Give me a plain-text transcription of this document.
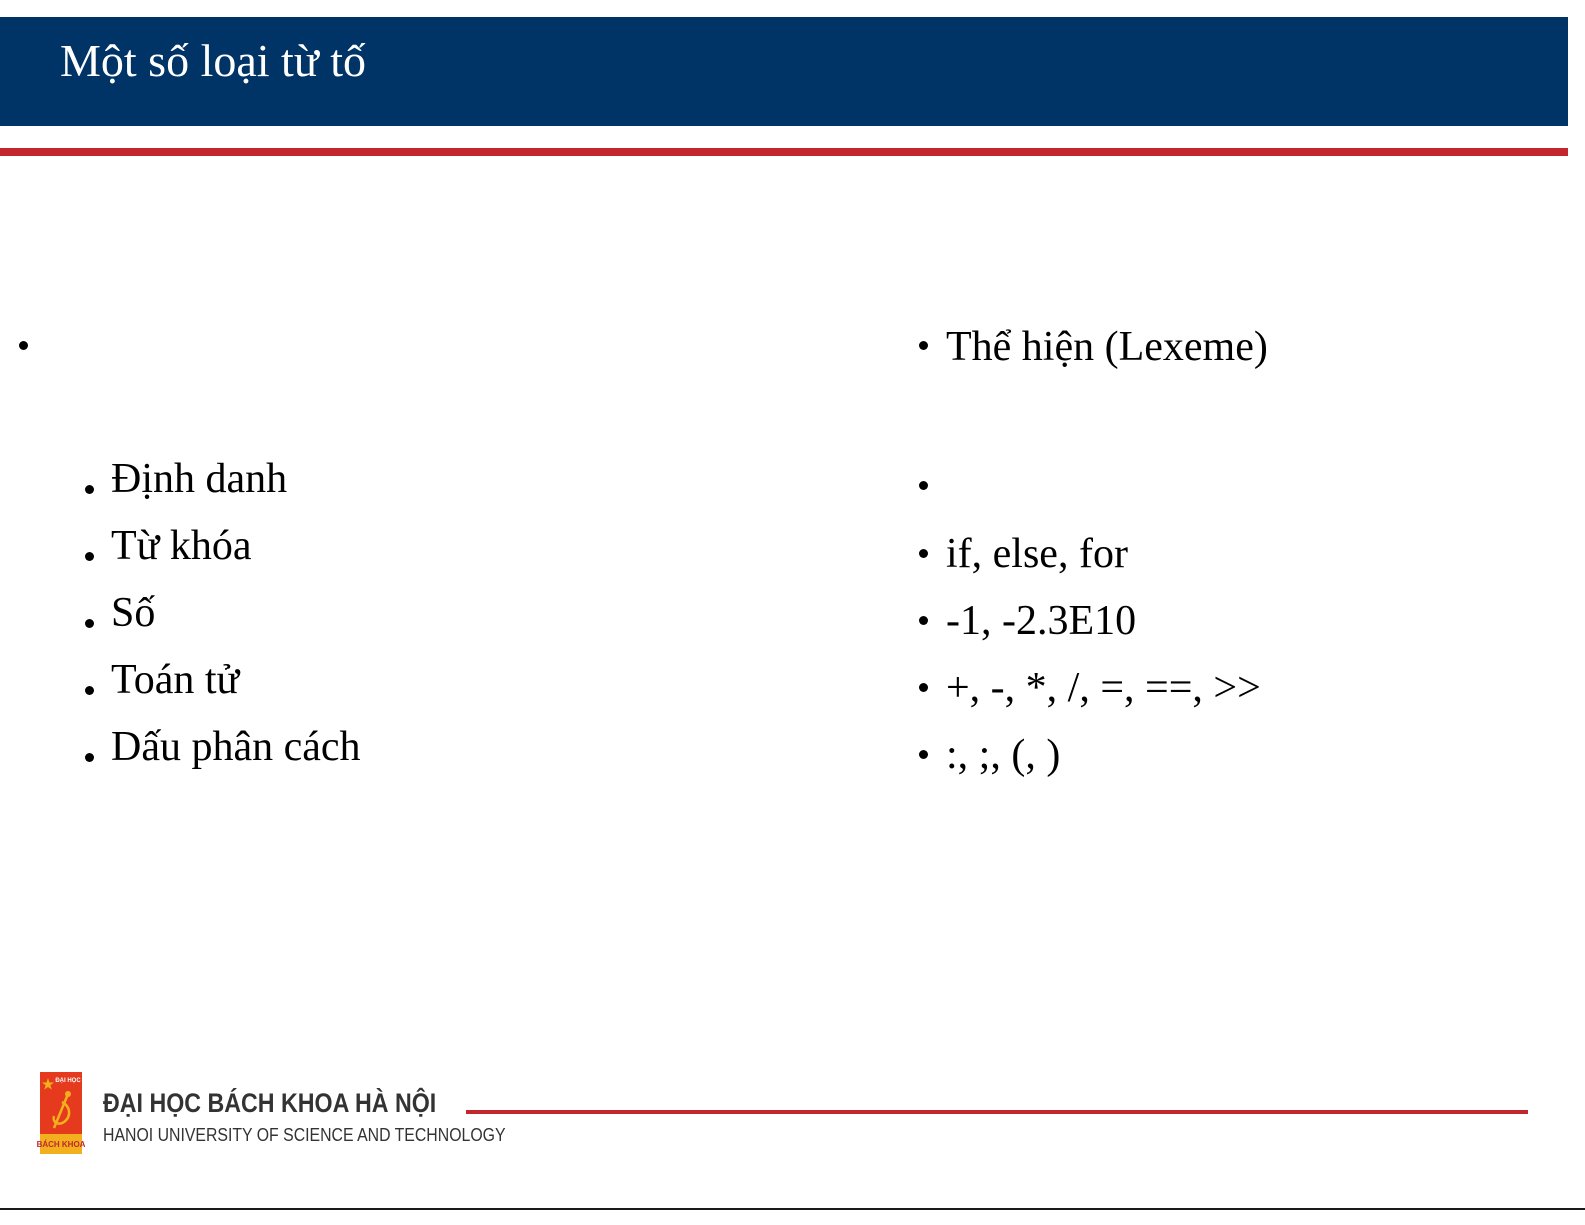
Một số loại từ tố
Định danh
Từ khóa
Số
Toán tử
Dấu phân cách
Thể hiện (Lexeme)
if, else, for
-1, -2.3E10
+, -, *, /, =, ==, >>
:, ;, (, )
ĐẠI HỌC
BÁCH KHOA
ĐẠI HỌC BÁCH KHOA HÀ NỘI
HANOI UNIVERSITY OF SCIENCE AND TECHNOLOGY
